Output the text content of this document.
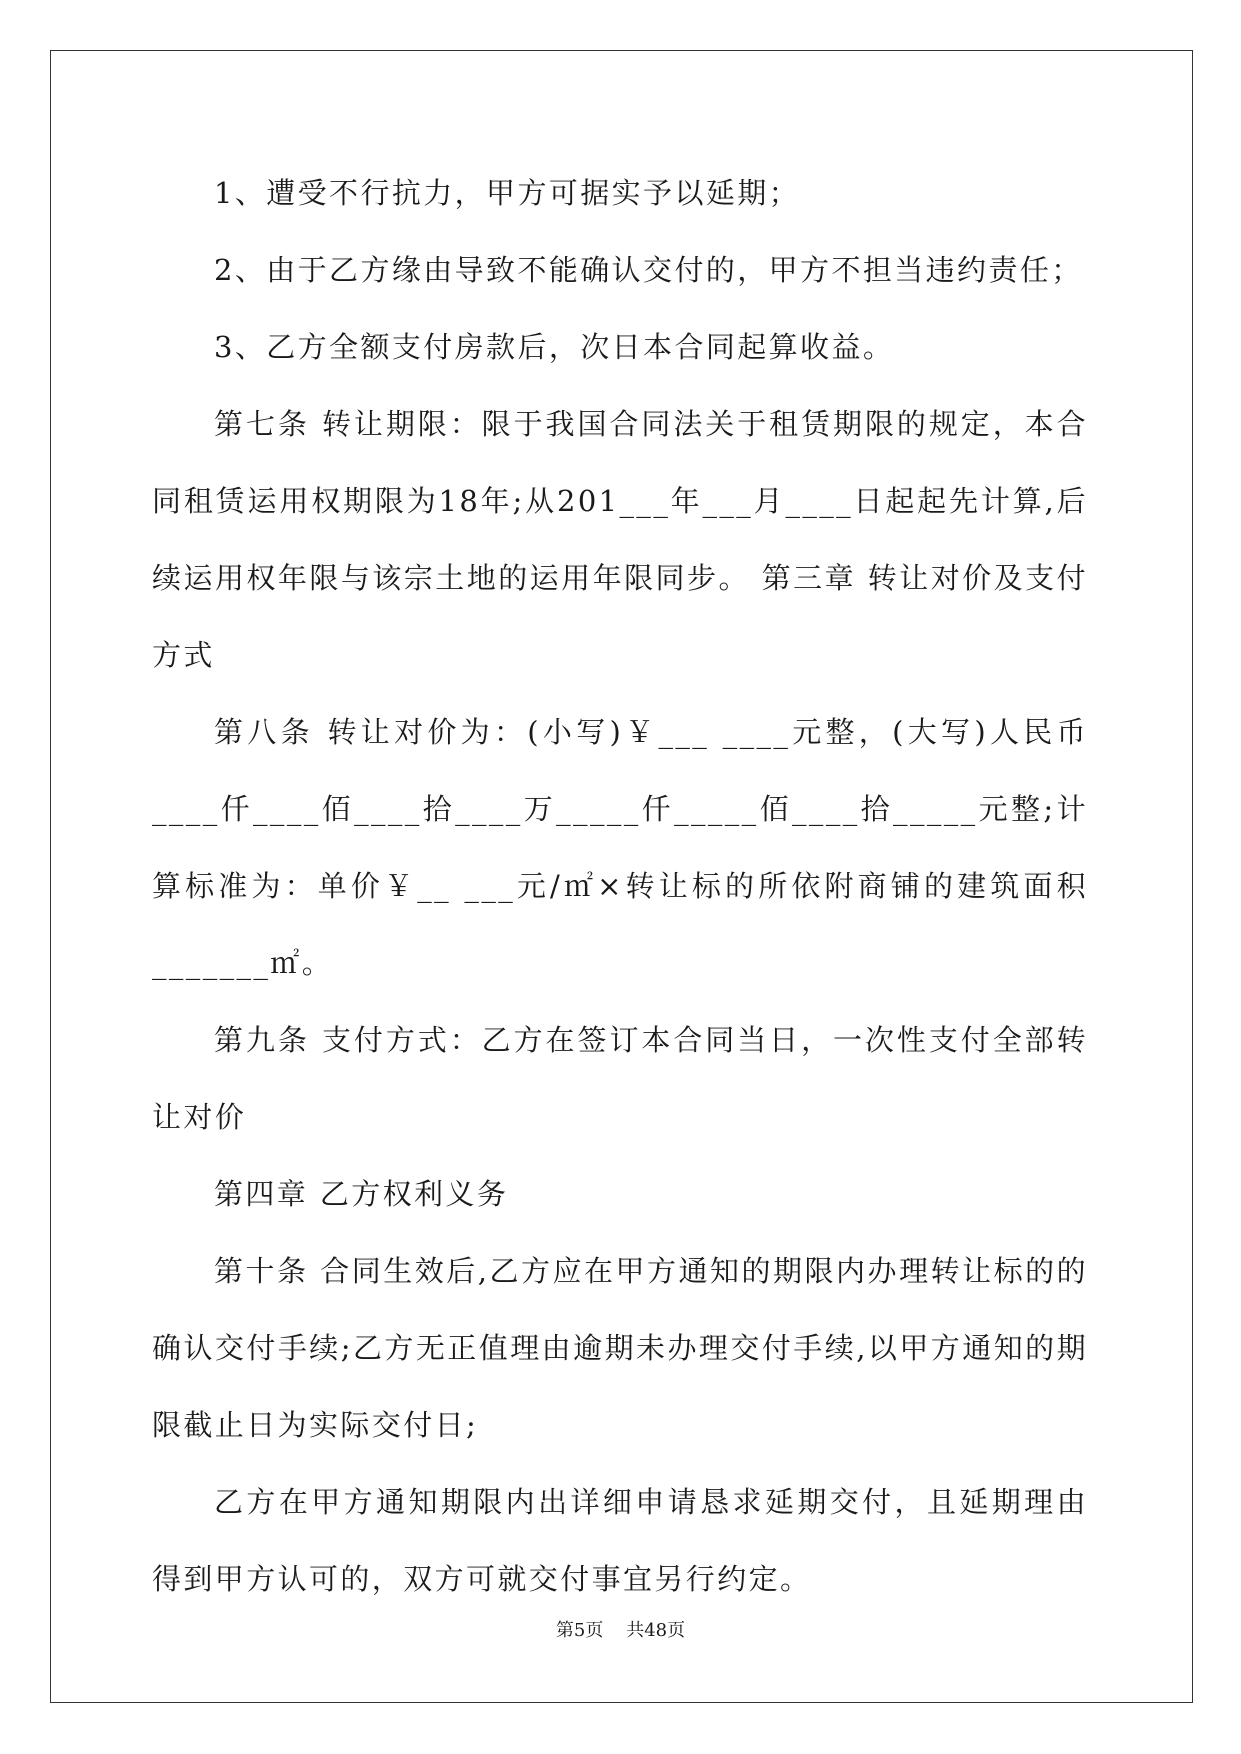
1、遭受不行抗力，甲方可据实予以延期；

2、由于乙方缘由导致不能确认交付的，甲方不担当违约责任；

3、乙方全额支付房款后，次日本合同起算收益。

第七条 转让期限：限于我国合同法关于租赁期限的规定，本合同租赁运用权期限为18年;从201___年___月____日起起先计算,后续运用权年限与该宗土地的运用年限同步。 第三章 转让对价及支付方式

第八条 转让对价为：(小写)￥___ ____元整，(大写)人民币____仟____佰____拾____万_____仟_____佰____拾_____元整;计算标准为：单价￥__ ___元/㎡×转让标的所依附商铺的建筑面积_______㎡。

第九条 支付方式：乙方在签订本合同当日，一次性支付全部转让对价

第四章 乙方权利义务

第十条 合同生效后,乙方应在甲方通知的期限内办理转让标的的确认交付手续;乙方无正值理由逾期未办理交付手续,以甲方通知的期限截止日为实际交付日;

乙方在甲方通知期限内出详细申请恳求延期交付，且延期理由得到甲方认可的，双方可就交付事宜另行约定。

第5页 共48页
